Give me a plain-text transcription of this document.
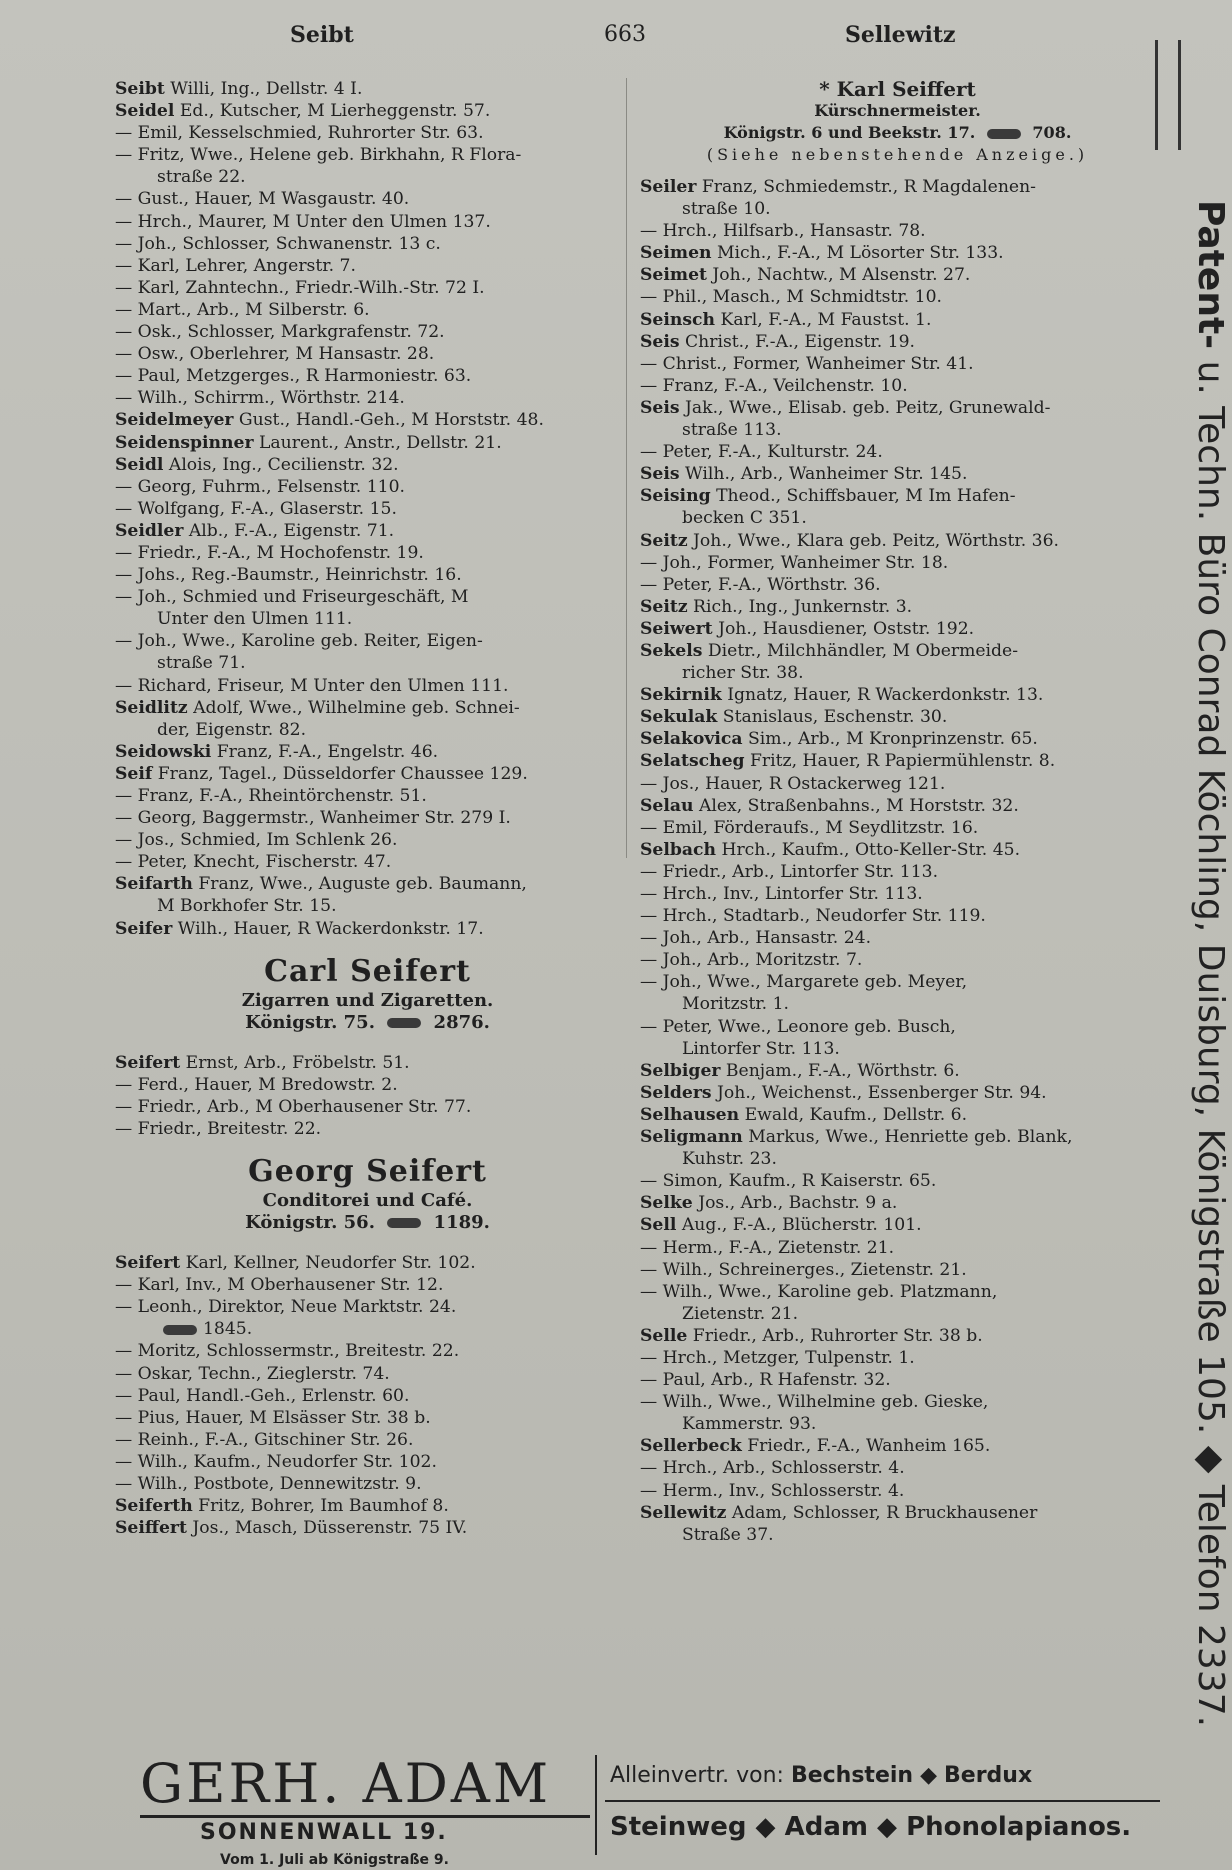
Seibt	663	Sellewitz
Seibt Willi, Ing., Dellstr. 4 I.
Seidel Ed., Kutscher, M Lierheggenstr. 57.
— Emil, Kesselschmied, Ruhrorter Str. 63.
— Fritz, Wwe., Helene geb. Birkhahn, R Flora-
straße 22.
— Gust., Hauer, M Wasgaustr. 40.
— Hrch., Maurer, M Unter den Ulmen 137.
— Joh., Schlosser, Schwanenstr. 13 c.
— Karl, Lehrer, Angerstr. 7.
— Karl, Zahntechn., Friedr.-Wilh.-Str. 72 I.
— Mart., Arb., M Silberstr. 6.
— Osk., Schlosser, Markgrafenstr. 72.
— Osw., Oberlehrer, M Hansastr. 28.
— Paul, Metzgerges., R Harmoniestr. 63.
— Wilh., Schirrm., Wörthstr. 214.
Seidelmeyer Gust., Handl.-Geh., M Horststr. 48.
Seidenspinner Laurent., Anstr., Dellstr. 21.
Seidl Alois, Ing., Cecilienstr. 32.
— Georg, Fuhrm., Felsenstr. 110.
— Wolfgang, F.-A., Glaserstr. 15.
Seidler Alb., F.-A., Eigenstr. 71.
— Friedr., F.-A., M Hochofenstr. 19.
— Johs., Reg.-Baumstr., Heinrichstr. 16.
— Joh., Schmied und Friseurgeschäft, M
Unter den Ulmen 111.
— Joh., Wwe., Karoline geb. Reiter, Eigen-
straße 71.
— Richard, Friseur, M Unter den Ulmen 111.
Seidlitz Adolf, Wwe., Wilhelmine geb. Schnei-
der, Eigenstr. 82.
Seidowski Franz, F.-A., Engelstr. 46.
Seif Franz, Tagel., Düsseldorfer Chaussee 129.
— Franz, F.-A., Rheintörchenstr. 51.
— Georg, Baggermstr., Wanheimer Str. 279 I.
— Jos., Schmied, Im Schlenk 26.
— Peter, Knecht, Fischerstr. 47.
Seifarth Franz, Wwe., Auguste geb. Baumann,
M Borkhofer Str. 15.
Seifer Wilh., Hauer, R Wackerdonkstr. 17.
Carl Seifert
Zigarren und Zigaretten.
Königstr. 75.	2876.
Seifert Ernst, Arb., Fröbelstr. 51.
— Ferd., Hauer, M Bredowstr. 2.
— Friedr., Arb., M Oberhausener Str. 77.
— Friedr., Breitestr. 22.
Georg Seifert
Conditorei und Café.
Königstr. 56.	1189.
Seifert Karl, Kellner, Neudorfer Str. 102.
— Karl, Inv., M Oberhausener Str. 12.
— Leonh., Direktor, Neue Marktstr. 24.
1845.
— Moritz, Schlossermstr., Breitestr. 22.
— Oskar, Techn., Zieglerstr. 74.
— Paul, Handl.-Geh., Erlenstr. 60.
— Pius, Hauer, M Elsässer Str. 38 b.
— Reinh., F.-A., Gitschiner Str. 26.
— Wilh., Kaufm., Neudorfer Str. 102.
— Wilh., Postbote, Dennewitzstr. 9.
Seiferth Fritz, Bohrer, Im Baumhof 8.
Seiffert Jos., Masch, Düsserenstr. 75 IV.
* Karl Seiffert
Kürschnermeister.
Königstr. 6 und Beekstr. 17.	708.
(Siehe nebenstehende Anzeige.)
Seiler Franz, Schmiedemstr., R Magdalenen-
straße 10.
— Hrch., Hilfsarb., Hansastr. 78.
Seimen Mich., F.-A., M Lösorter Str. 133.
Seimet Joh., Nachtw., M Alsenstr. 27.
— Phil., Masch., M Schmidtstr. 10.
Seinsch Karl, F.-A., M Faustst. 1.
Seis Christ., F.-A., Eigenstr. 19.
— Christ., Former, Wanheimer Str. 41.
— Franz, F.-A., Veilchenstr. 10.
Seis Jak., Wwe., Elisab. geb. Peitz, Grunewald-
straße 113.
— Peter, F.-A., Kulturstr. 24.
Seis Wilh., Arb., Wanheimer Str. 145.
Seising Theod., Schiffsbauer, M Im Hafen-
becken C 351.
Seitz Joh., Wwe., Klara geb. Peitz, Wörthstr. 36.
— Joh., Former, Wanheimer Str. 18.
— Peter, F.-A., Wörthstr. 36.
Seitz Rich., Ing., Junkernstr. 3.
Seiwert Joh., Hausdiener, Oststr. 192.
Sekels Dietr., Milchhändler, M Obermeide-
richer Str. 38.
Sekirnik Ignatz, Hauer, R Wackerdonkstr. 13.
Sekulak Stanislaus, Eschenstr. 30.
Selakovica Sim., Arb., M Kronprinzenstr. 65.
Selatscheg Fritz, Hauer, R Papiermühlenstr. 8.
— Jos., Hauer, R Ostackerweg 121.
Selau Alex, Straßenbahns., M Horststr. 32.
— Emil, Förderaufs., M Seydlitzstr. 16.
Selbach Hrch., Kaufm., Otto-Keller-Str. 45.
— Friedr., Arb., Lintorfer Str. 113.
— Hrch., Inv., Lintorfer Str. 113.
— Hrch., Stadtarb., Neudorfer Str. 119.
— Joh., Arb., Hansastr. 24.
— Joh., Arb., Moritzstr. 7.
— Joh., Wwe., Margarete geb. Meyer,
Moritzstr. 1.
— Peter, Wwe., Leonore geb. Busch,
Lintorfer Str. 113.
Selbiger Benjam., F.-A., Wörthstr. 6.
Selders Joh., Weichenst., Essenberger Str. 94.
Selhausen Ewald, Kaufm., Dellstr. 6.
Seligmann Markus, Wwe., Henriette geb. Blank,
Kuhstr. 23.
— Simon, Kaufm., R Kaiserstr. 65.
Selke Jos., Arb., Bachstr. 9 a.
Sell Aug., F.-A., Blücherstr. 101.
— Herm., F.-A., Zietenstr. 21.
— Wilh., Schreinerges., Zietenstr. 21.
— Wilh., Wwe., Karoline geb. Platzmann,
Zietenstr. 21.
Selle Friedr., Arb., Ruhrorter Str. 38 b.
— Hrch., Metzger, Tulpenstr. 1.
— Paul, Arb., R Hafenstr. 32.
— Wilh., Wwe., Wilhelmine geb. Gieske,
Kammerstr. 93.
Sellerbeck Friedr., F.-A., Wanheim 165.
— Hrch., Arb., Schlosserstr. 4.
— Herm., Inv., Schlosserstr. 4.
Sellewitz Adam, Schlosser, R Bruckhausener
Straße 37.
Patent- u. Techn. Büro Conrad Köchling, Duisburg, Königstraße 105. ◆ Telefon 2337.
GERH. ADAM
SONNENWALL 19.
Vom 1. Juli ab Königstraße 9.
Alleinvertr. von: Bechstein ◆ Berdux
Steinweg ◆ Adam ◆ Phonolapianos.
